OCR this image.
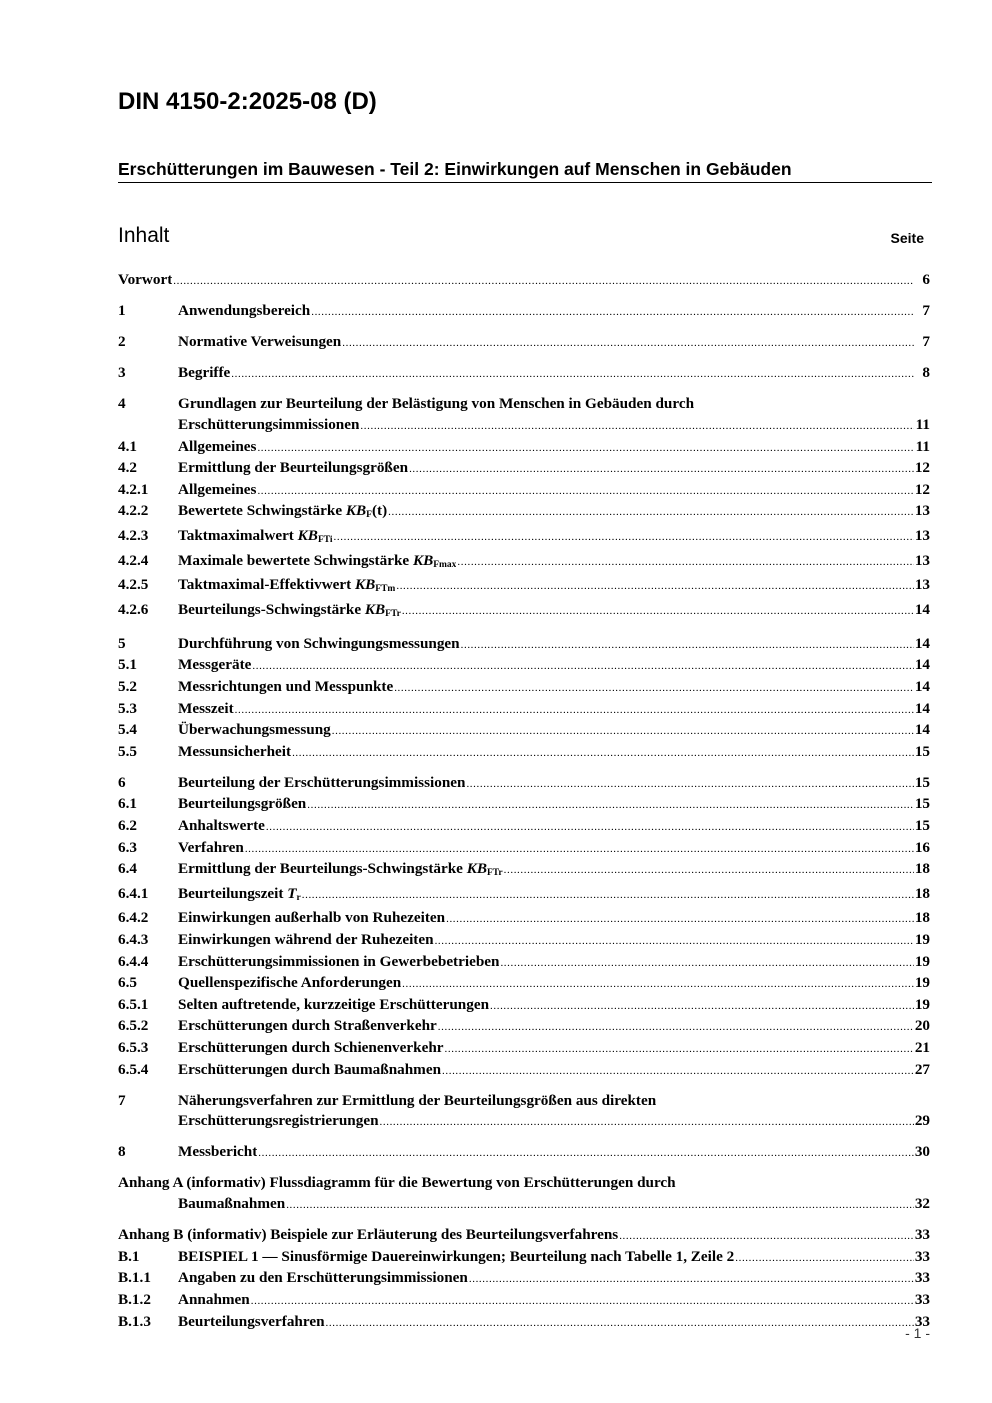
DIN 4150-2:2025-08 (D)
Erschütterungen im Bauwesen - Teil 2: Einwirkungen auf Menschen in Gebäuden
Inhalt	Seite
Vorwort .....	6
1	Anwendungsbereich .....	7
2	Normative Verweisungen .....	7
3	Begriffe .....	8
4	Grundlagen zur Beurteilung der Belästigung von Menschen in Gebäuden durch
Erschütterungsimmissionen .....	11
4.1	Allgemeines .....	11
4.2	Ermittlung der Beurteilungsgrößen .....	12
4.2.1 Allgemeines .....	12
4.2.2 Bewertete Schwingstärke $KB_F(t)$ .....	13
4.2.3 Taktmaximalwert $KB_{FTi}$ .....	13
4.2.4 Maximale bewertete Schwingstärke $KB_{Fmax}$ .....	13
4.2.5 Taktmaximal-Effektivwert $KB_{FTm}$ .....	13
4.2.6 Beurteilungs-Schwingstärke $KB_{FTr}$ .....	14
5	Durchführung von Schwingungsmessungen .....	14
5.1	Messgeräte .....	14
5.2	Messrichtungen und Messpunkte .....	14
5.3	Messzeit .....	14
5.4	Überwachungsmessung .....	14
5.5	Messunsicherheit .....	15
6	Beurteilung der Erschütterungsimmissionen .....	15
6.1	Beurteilungsgrößen .....	15
6.2	Anhaltswerte .....	15
6.3	Verfahren .....	16
6.4	Ermittlung der Beurteilungs-Schwingstärke $KB_{FTr}$ .....	18
6.4.1 Beurteilungszeit $T_r$ .....	18
6.4.2 Einwirkungen außerhalb von Ruhezeiten .....	18
6.4.3 Einwirkungen während der Ruhezeiten .....	19
6.4.4 Erschütterungsimmissionen in Gewerbebetrieben .....	19
6.5	Quellenspezifische Anforderungen .....	19
6.5.1 Selten auftretende, kurzzeitige Erschütterungen .....	19
6.5.2 Erschütterungen durch Straßenverkehr .....	20
6.5.3 Erschütterungen durch Schienenverkehr .....	21
6.5.4 Erschütterungen durch Baumaßnahmen .....	27
7	Näherungsverfahren zur Ermittlung der Beurteilungsgrößen aus direkten
Erschütterungsregistrierungen .....	29
8	Messbericht .....	30
Anhang A (informativ) Flussdiagramm für die Bewertung von Erschütterungen durch
Baumaßnahmen .....	32
Anhang B (informativ) Beispiele zur Erläuterung des Beurteilungsverfahrens .....	33
B.1	BEISPIEL 1 — Sinusförmige Dauereinwirkungen; Beurteilung nach Tabelle 1, Zeile 2 .....	33
B.1.1 Angaben zu den Erschütterungsimmissionen .....	33
B.1.2 Annahmen .....	33
B.1.3 Beurteilungsverfahren .....	33
- 1 -
